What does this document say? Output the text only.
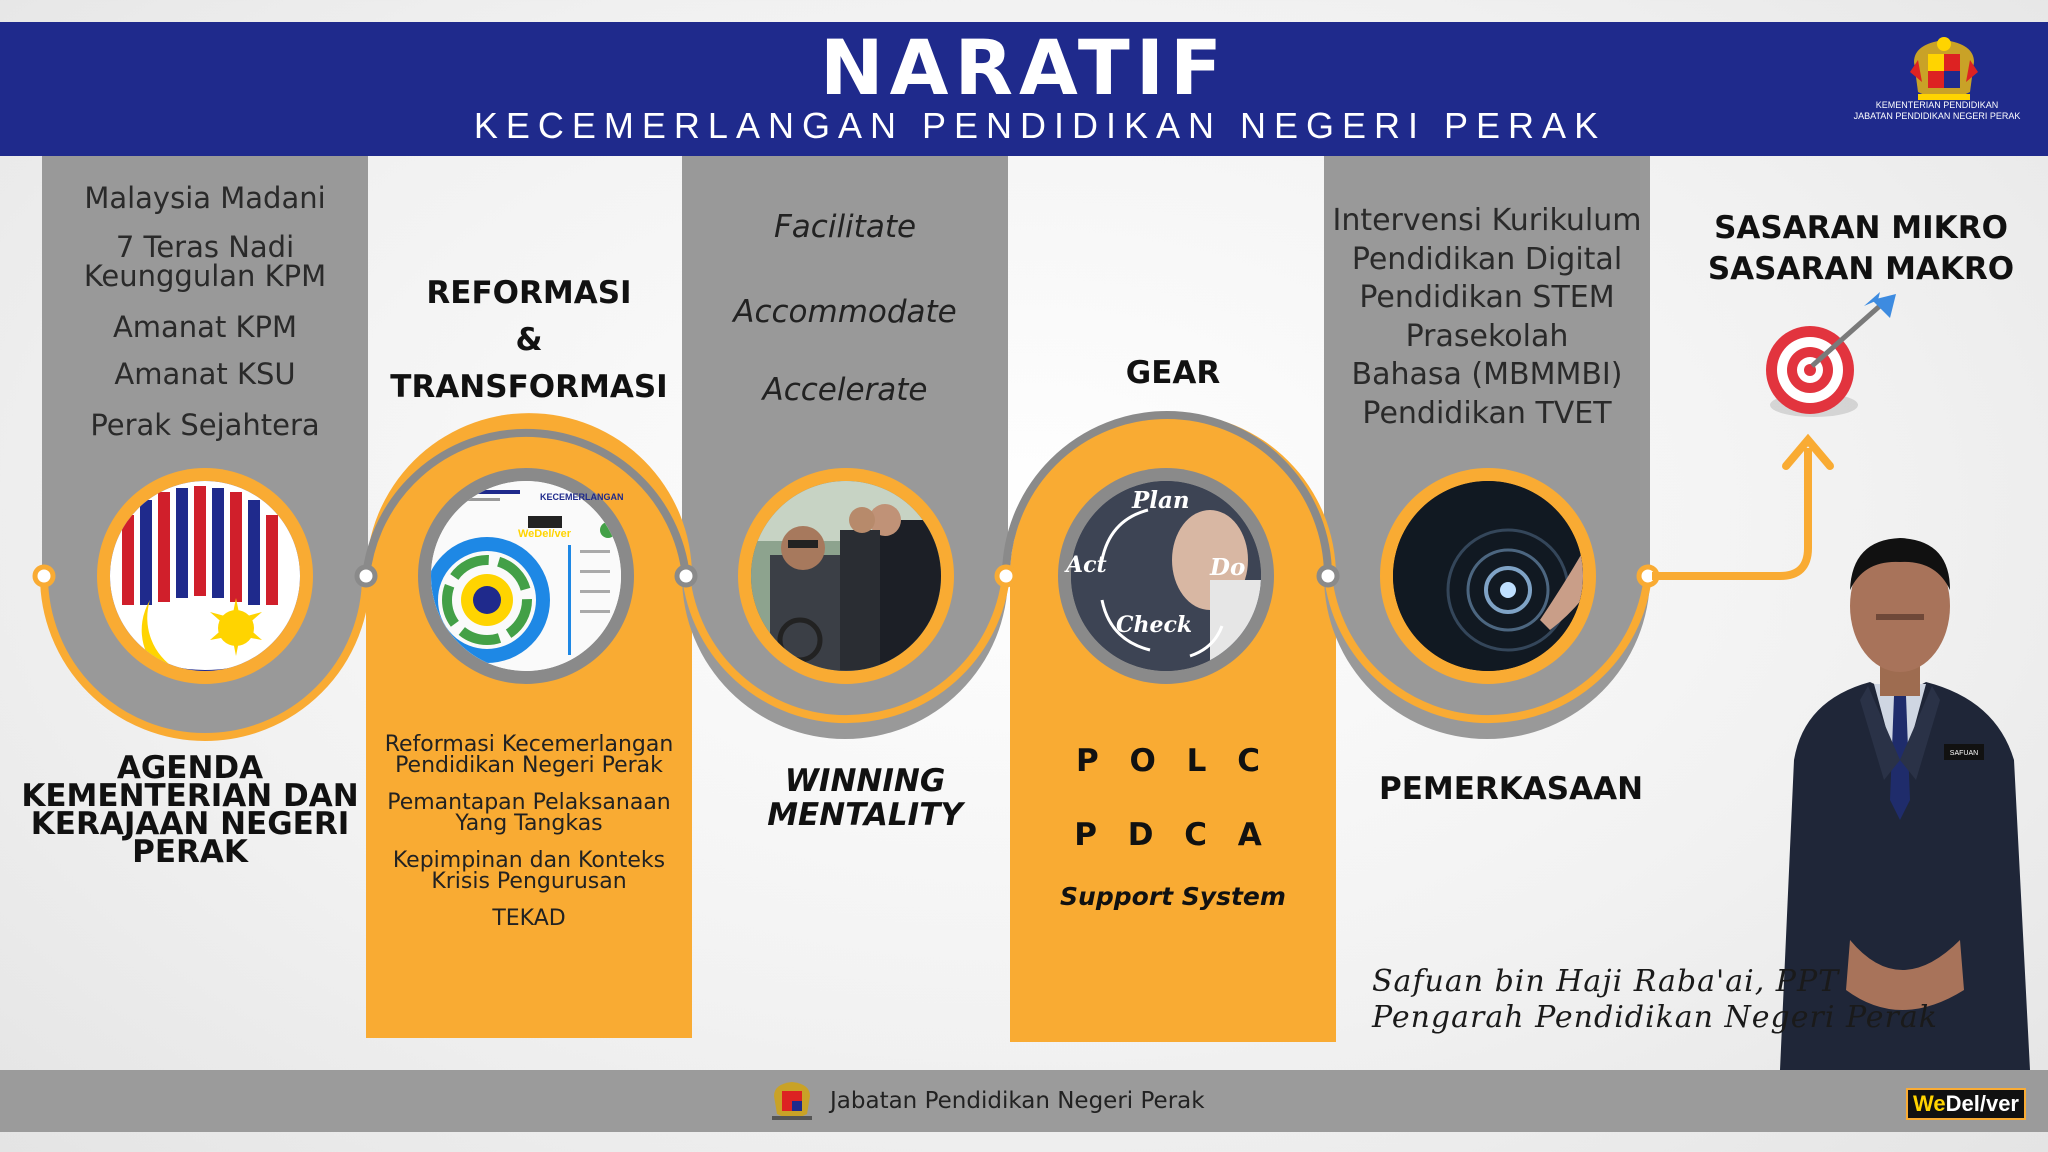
NARATIF
KECEMERLANGAN PENDIDIKAN NEGERI PERAK	KEMENTERIAN PENDIDIKAN
JABATAN PENDIDIKAN NEGERI PERAK
KECEMERLANGAN
WeDel/ver
Plan
Do
Check
Act
Malaysia Madani
7 Teras Nadi
Keunggulan KPM
Amanat KPM
Amanat KSU
Perak Sejahtera
AGENDA
KEMENTERIAN DAN
KERAJAAN NEGERI
PERAK
REFORMASI
&
TRANSFORMASI
Reformasi Kecemerlangan
Pendidikan Negeri Perak
Pemantapan Pelaksanaan
Yang Tangkas
Kepimpinan dan Konteks
Krisis Pengurusan
TEKAD
Facilitate
Accommodate
Accelerate
WINNING
MENTALITY
GEAR
P O L C
P D C A
Support System
Intervensi Kurikulum
Pendidikan Digital
Pendidikan STEM
Prasekolah
Bahasa (MBMMBI)
Pendidikan TVET
PEMERKASAAN
SASARAN MIKRO
SASARAN MAKRO
SAFUAN
Safuan bin Haji Raba'ai, PPT
Pengarah Pendidikan Negeri Perak
Jabatan Pendidikan Negeri Perak	WeDel/ver
